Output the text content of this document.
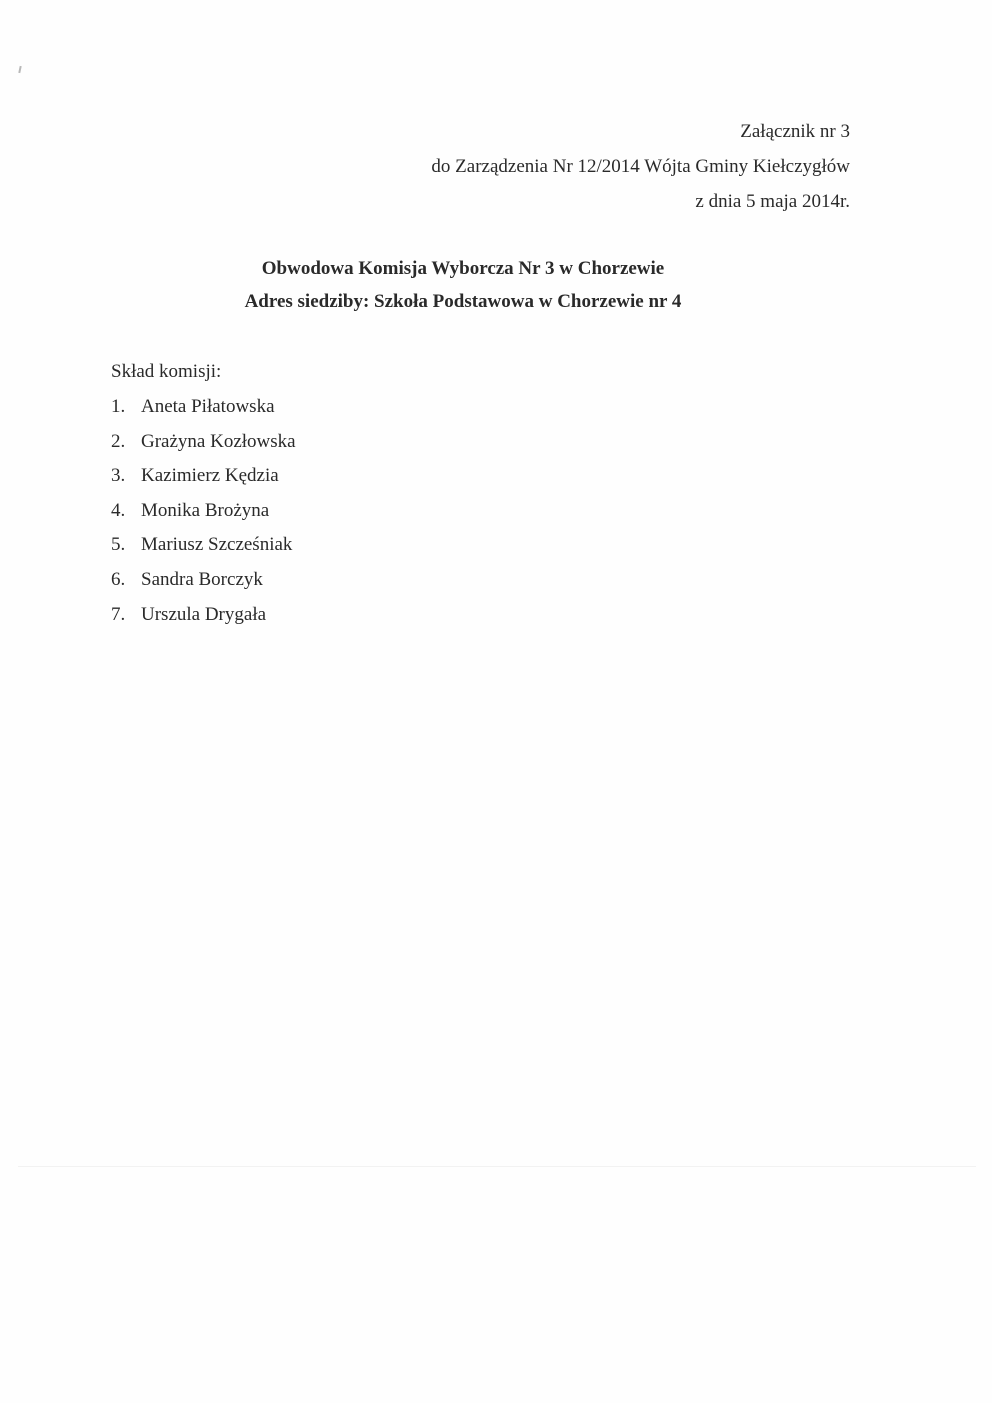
Załącznik nr 3
do Zarządzenia Nr 12/2014 Wójta Gminy Kiełczygłów
z dnia 5 maja 2014r.
Obwodowa Komisja Wyborcza Nr 3 w Chorzewie
Adres siedziby: Szkoła Podstawowa w Chorzewie nr 4
Skład komisji:
1. Aneta Piłatowska
2. Grażyna Kozłowska
3. Kazimierz Kędzia
4. Monika Brożyna
5. Mariusz Szcześniak
6. Sandra Borczyk
7. Urszula Drygała
